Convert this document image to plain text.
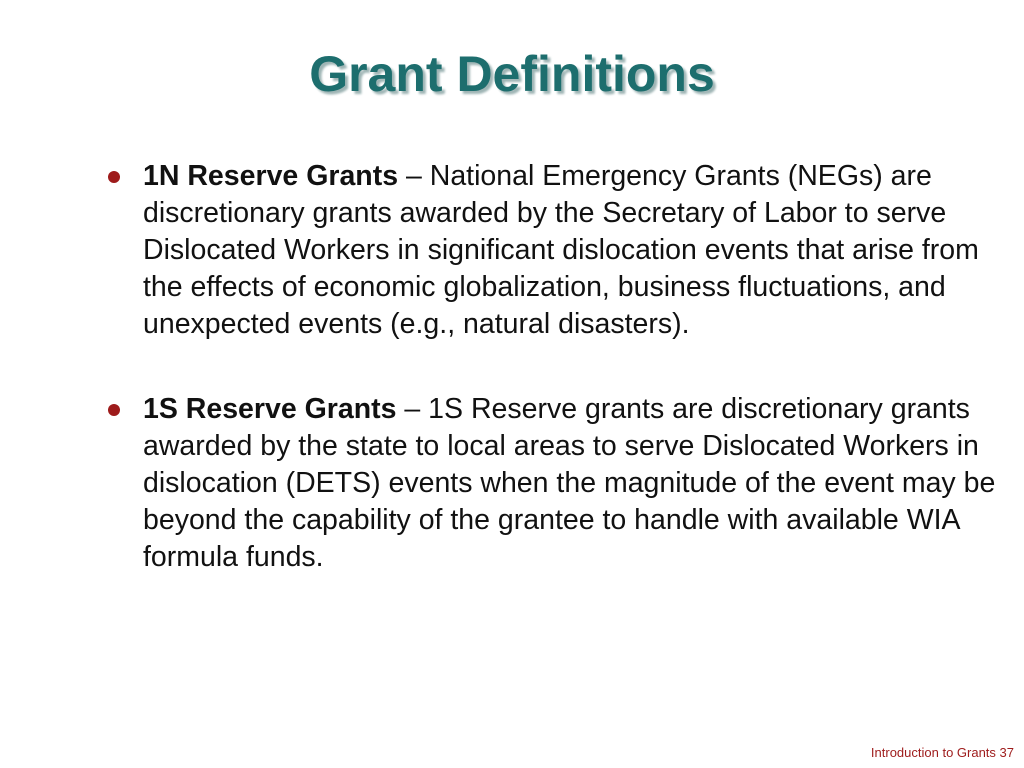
Grant Definitions
1N Reserve Grants – National Emergency Grants (NEGs) are discretionary grants awarded by the Secretary of Labor to serve Dislocated Workers in significant dislocation events that arise from the effects of economic globalization, business fluctuations, and unexpected events (e.g., natural disasters).
1S Reserve Grants – 1S Reserve grants are discretionary grants awarded by the state to local areas to serve Dislocated Workers in dislocation (DETS) events when the magnitude of the event may be beyond the capability of the grantee to handle with available WIA formula funds.
Introduction to Grants 37
